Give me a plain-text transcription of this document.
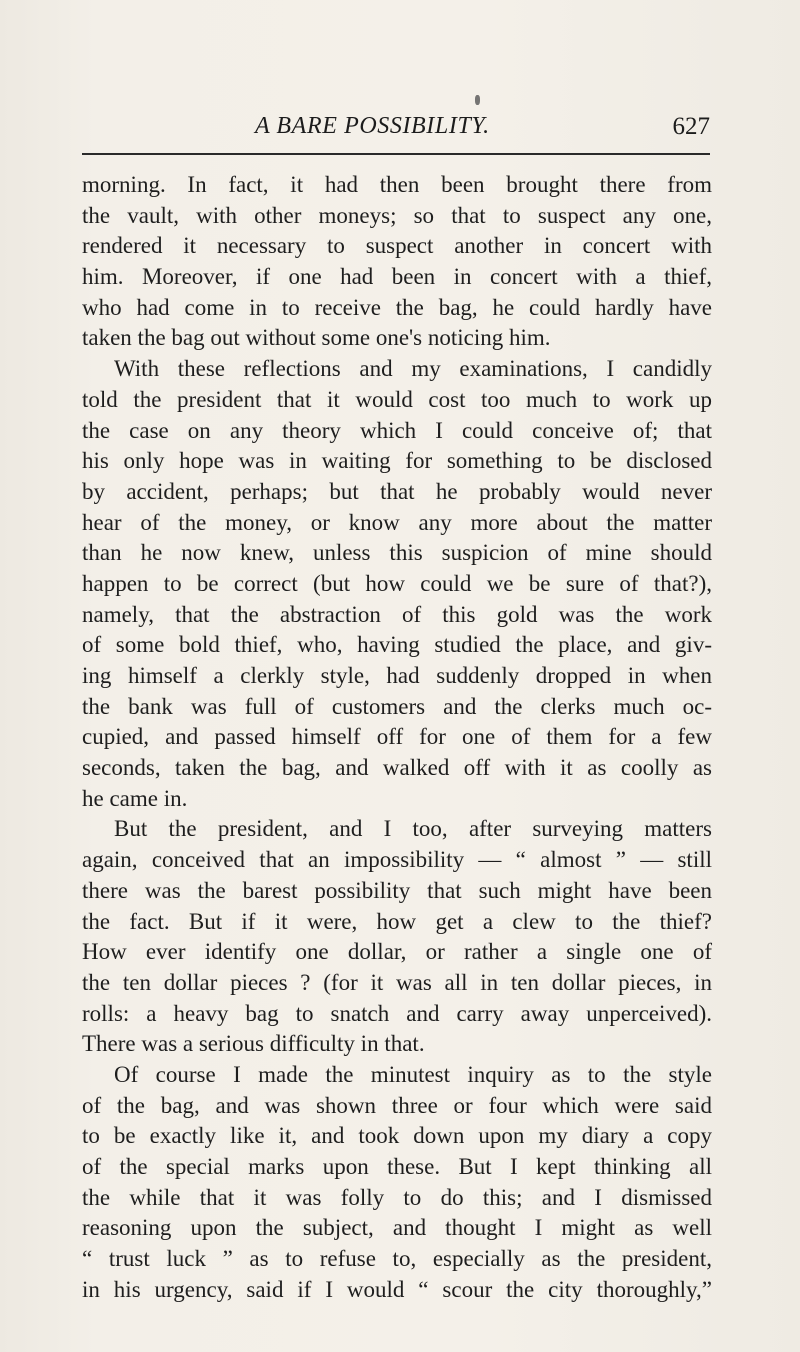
A BARE POSSIBILITY.	627
morning. In fact, it had then been brought there from
the vault, with other moneys; so that to suspect any one,
rendered it necessary to suspect another in concert with
him. Moreover, if one had been in concert with a thief,
who had come in to receive the bag, he could hardly have
taken the bag out without some one's noticing him.
With these reflections and my examinations, I candidly
told the president that it would cost too much to work up
the case on any theory which I could conceive of; that
his only hope was in waiting for something to be disclosed
by accident, perhaps; but that he probably would never
hear of the money, or know any more about the matter
than he now knew, unless this suspicion of mine should
happen to be correct (but how could we be sure of that?),
namely, that the abstraction of this gold was the work
of some bold thief, who, having studied the place, and giv-
ing himself a clerkly style, had suddenly dropped in when
the bank was full of customers and the clerks much oc-
cupied, and passed himself off for one of them for a few
seconds, taken the bag, and walked off with it as coolly as
he came in.
But the president, and I too, after surveying matters
again, conceived that an impossibility — “ almost ” — still
there was the barest possibility that such might have been
the fact. But if it were, how get a clew to the thief?
How ever identify one dollar, or rather a single one of
the ten dollar pieces ? (for it was all in ten dollar pieces, in
rolls: a heavy bag to snatch and carry away unperceived).
There was a serious difficulty in that.
Of course I made the minutest inquiry as to the style
of the bag, and was shown three or four which were said
to be exactly like it, and took down upon my diary a copy
of the special marks upon these. But I kept thinking all
the while that it was folly to do this; and I dismissed
reasoning upon the subject, and thought I might as well
“ trust luck ” as to refuse to, especially as the president,
in his urgency, said if I would “ scour the city thoroughly,”
